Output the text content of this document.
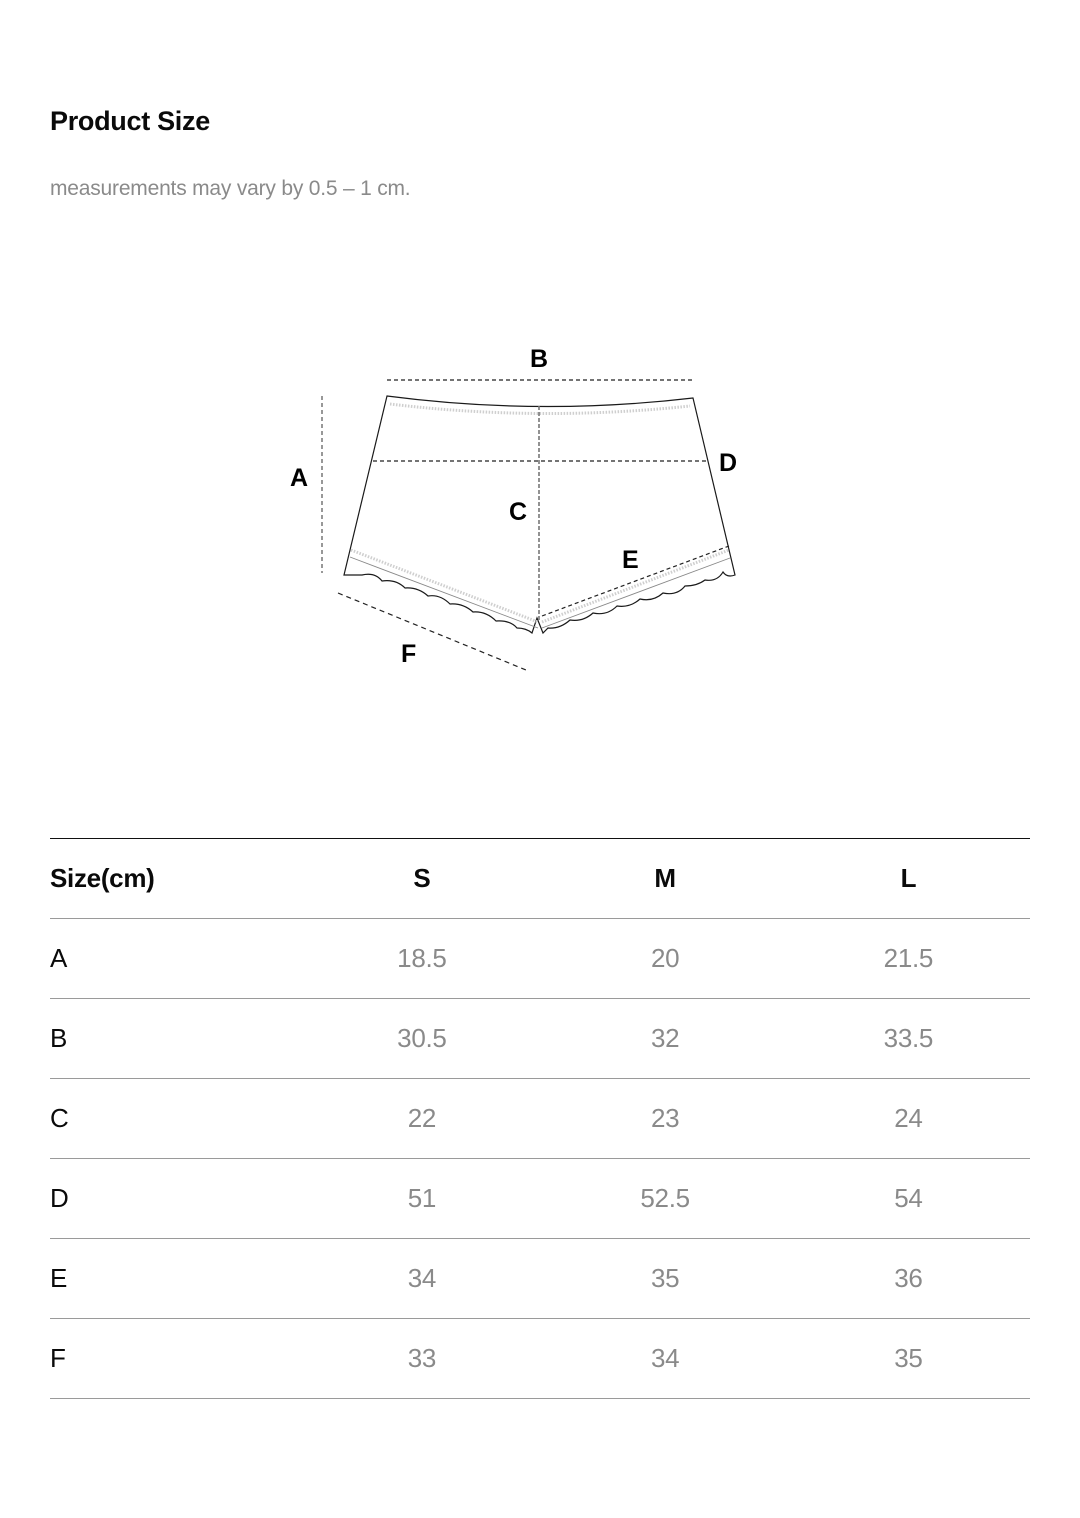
Product Size

measurements may vary by 0.5 – 1 cm.

B
A
D
C
E
F
Size(cm)	S	M	L
A	18.5	20	21.5
B	30.5	32	33.5
C	22	23	24
D	51	52.5	54
E	34	35	36
F	33	34	35
